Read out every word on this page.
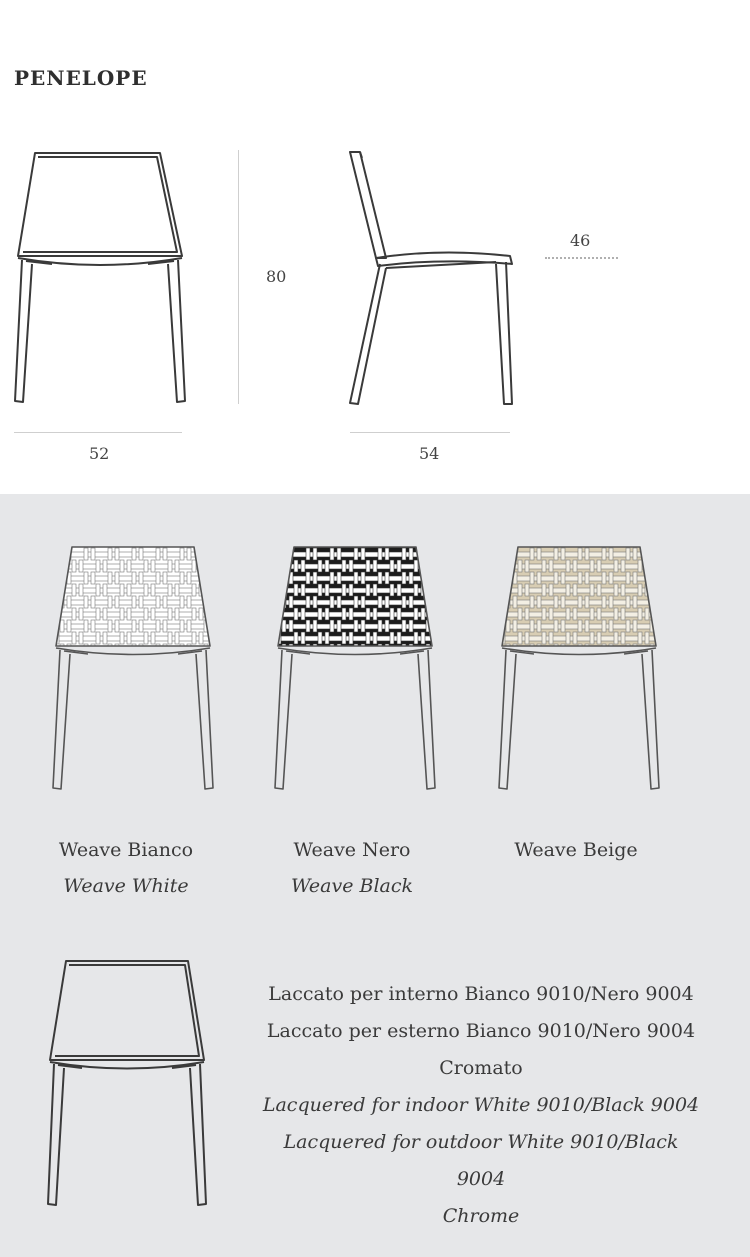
PENELOPE
52
80
54
46
Weave Bianco
Weave White
Weave Nero
Weave Black
Weave Beige
Laccato per interno Bianco 9010/Nero 9004
Laccato per esterno Bianco 9010/Nero 9004
Cromato
Lacquered for indoor White 9010/Black 9004
Lacquered for outdoor White 9010/Black 9004
Chrome
